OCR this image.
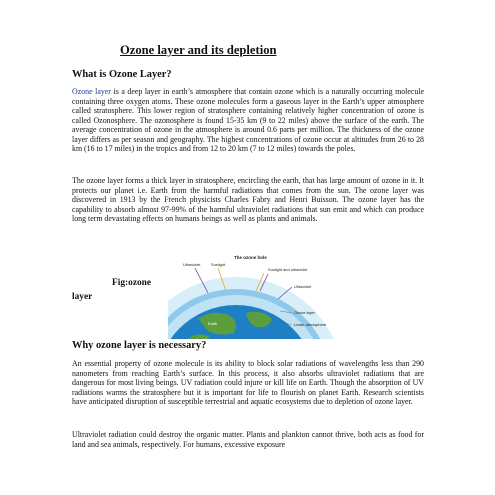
Ozone layer and its depletion
What is Ozone Layer?

Ozone layer is a deep layer in earth’s atmosphere that contain ozone which is a naturally occurring molecule containing three oxygen atoms. These ozone molecules form a gaseous layer in the Earth’s upper atmosphere called stratosphere. This lower region of stratosphere containing relatively higher concentration of ozone is called Ozonosphere. The ozonosphere is found 15-35 km (9 to 22 miles) above the surface of the earth. The average concentration of ozone in the atmosphere is around 0.6 parts per million. The thickness of the ozone layer differs as per season and geography. The highest concentrations of ozone occur at altitudes from 26 to 28 km (16 to 17 miles) in the tropics and from 12 to 20 km (7 to 12 miles) towards the poles.

The ozone layer forms a thick layer in stratosphere, encircling the earth, that has large amount of ozone in it. It protects our planet i.e. Earth from the harmful radiations that comes from the sun. The ozone layer was discovered in 1913 by the French physicists Charles Fabry and Henri Buisson. The ozone layer has the capability to absorb almost 97-99% of the harmful ultraviolet radiations that sun emit and which can produce long term devastating effects on humans beings as well as plants and animals.

Fig:ozone
layer
The ozone hole
Ultraviolet	Sunlight
Sunlight and ultraviolet
Ultraviolet
Ozone layer
Earth	Lower atmosphere
Why ozone layer is necessary?

An essential property of ozone molecule is its ability to block solar radiations of wavelengths less than 290 nanometers from reaching Earth’s surface. In this process, it also absorbs ultraviolet radiations that are dangerous for most living beings. UV radiation could injure or kill life on Earth. Though the absorption of UV radiations warms the stratosphere but it is important for life to flourish on planet Earth. Research scientists have anticipated disruption of susceptible terrestrial and aquatic ecosystems due to depletion of ozone layer.

Ultraviolet radiation could destroy the organic matter. Plants and plankton cannot thrive, both acts as food for land and sea animals, respectively. For humans, excessive exposure
